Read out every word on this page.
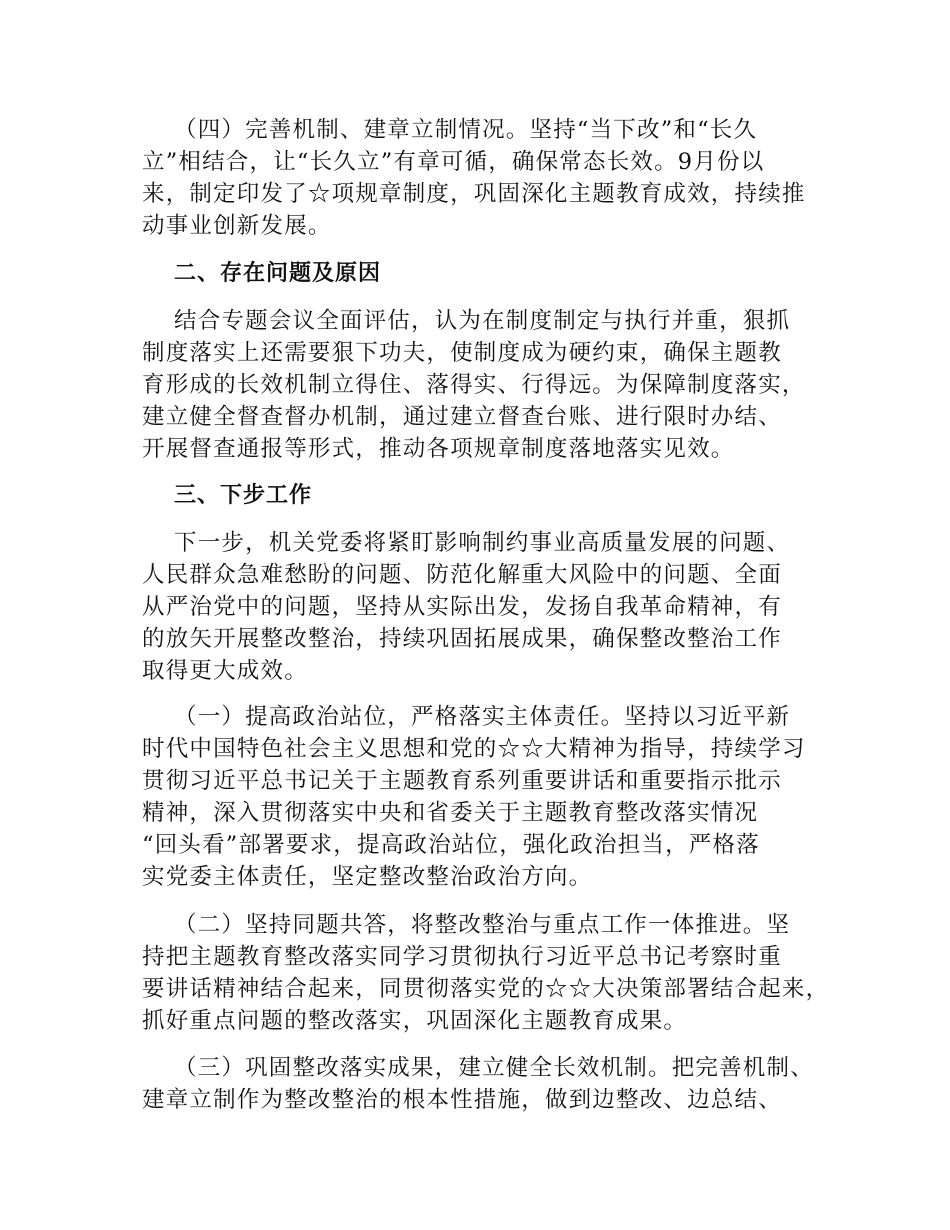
（四）完善机制、建章立制情况。坚持“当下改”和“长久
立”相结合，让“长久立”有章可循，确保常态长效。9月份以
来，制定印发了☆项规章制度，巩固深化主题教育成效，持续推
动事业创新发展。
二、存在问题及原因
结合专题会议全面评估，认为在制度制定与执行并重，狠抓
制度落实上还需要狠下功夫，使制度成为硬约束，确保主题教
育形成的长效机制立得住、落得实、行得远。为保障制度落实，
建立健全督查督办机制，通过建立督查台账、进行限时办结、
开展督查通报等形式，推动各项规章制度落地落实见效。
三、下步工作
下一步，机关党委将紧盯影响制约事业高质量发展的问题、
人民群众急难愁盼的问题、防范化解重大风险中的问题、全面
从严治党中的问题，坚持从实际出发，发扬自我革命精神，有
的放矢开展整改整治，持续巩固拓展成果，确保整改整治工作
取得更大成效。
（一）提高政治站位，严格落实主体责任。坚持以习近平新
时代中国特色社会主义思想和党的☆☆大精神为指导，持续学习
贯彻习近平总书记关于主题教育系列重要讲话和重要指示批示
精神，深入贯彻落实中央和省委关于主题教育整改落实情况
“回头看”部署要求，提高政治站位，强化政治担当，严格落
实党委主体责任，坚定整改整治政治方向。
（二）坚持同题共答，将整改整治与重点工作一体推进。坚
持把主题教育整改落实同学习贯彻执行习近平总书记考察时重
要讲话精神结合起来，同贯彻落实党的☆☆大决策部署结合起来，
抓好重点问题的整改落实，巩固深化主题教育成果。
（三）巩固整改落实成果，建立健全长效机制。把完善机制、
建章立制作为整改整治的根本性措施，做到边整改、边总结、
